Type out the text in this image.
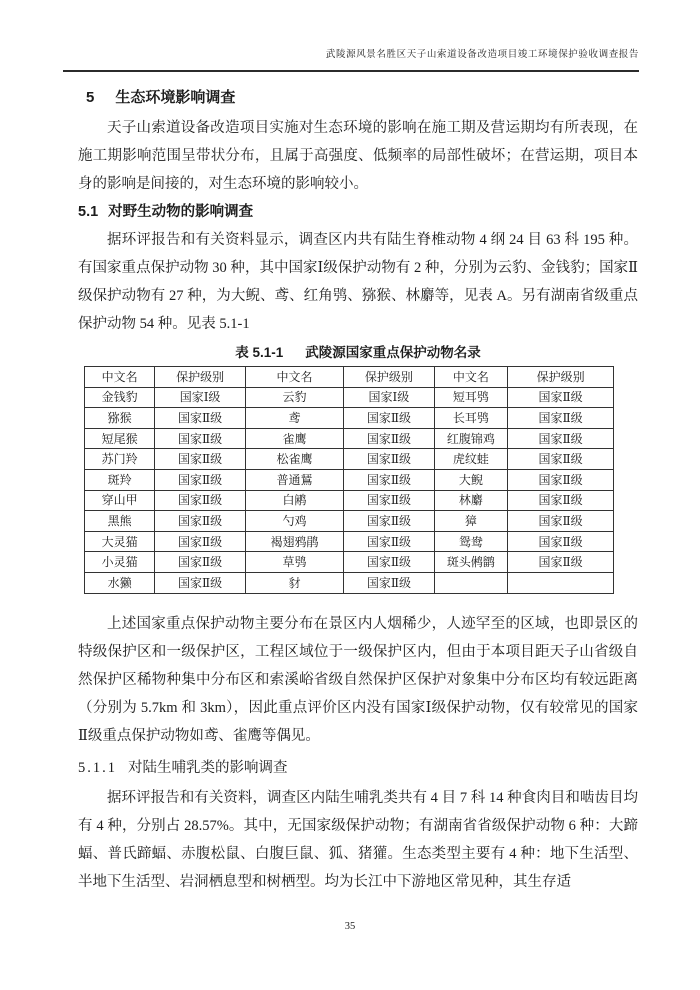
武陵源风景名胜区天子山索道设备改造项目竣工环境保护验收调查报告
5 生态环境影响调查

天子山索道设备改造项目实施对生态环境的影响在施工期及营运期均有所表现，在施工期影响范围呈带状分布，且属于高强度、低频率的局部性破坏；在营运期，项目本身的影响是间接的，对生态环境的影响较小。

5.1 对野生动物的影响调查

据环评报告和有关资料显示，调查区内共有陆生脊椎动物 4 纲 24 目 63 科 195 种。有国家重点保护动物 30 种，其中国家Ⅰ级保护动物有 2 种，分别为云豹、金钱豹；国家Ⅱ级保护动物有 27 种，为大鲵、鸢、红角鸮、猕猴、林麝等，见表 A。另有湖南省级重点保护动物 54 种。见表 5.1-1

表 5.1-1 武陵源国家重点保护动物名录
中文名	保护级别	中文名	保护级别	中文名	保护级别
金钱豹	国家Ⅰ级	云豹	国家Ⅰ级	短耳鸮	国家Ⅱ级
猕猴	国家Ⅱ级	鸢	国家Ⅱ级	长耳鸮	国家Ⅱ级
短尾猴	国家Ⅱ级	雀鹰	国家Ⅱ级	红腹锦鸡	国家Ⅱ级
苏门羚	国家Ⅱ级	松雀鹰	国家Ⅱ级	虎纹蛙	国家Ⅱ级
斑羚	国家Ⅱ级	普通鵟	国家Ⅱ级	大鲵	国家Ⅱ级
穿山甲	国家Ⅱ级	白鹇	国家Ⅱ级	林麝	国家Ⅱ级
黑熊	国家Ⅱ级	勺鸡	国家Ⅱ级	獐	国家Ⅱ级
大灵猫	国家Ⅱ级	褐翅鸦鹃	国家Ⅱ级	鸳鸯	国家Ⅱ级
小灵猫	国家Ⅱ级	草鸮	国家Ⅱ级	斑头鸺鹠	国家Ⅱ级
水獭	国家Ⅱ级	豺	国家Ⅱ级		

上述国家重点保护动物主要分布在景区内人烟稀少，人迹罕至的区域，也即景区的特级保护区和一级保护区，工程区域位于一级保护区内，但由于本项目距天子山省级自然保护区稀物种集中分布区和索溪峪省级自然保护区保护对象集中分布区均有较远距离（分别为 5.7km 和 3km），因此重点评价区内没有国家Ⅰ级保护动物，仅有较常见的国家Ⅱ级重点保护动物如鸢、雀鹰等偶见。

5.1.1 对陆生哺乳类的影响调查

据环评报告和有关资料，调查区内陆生哺乳类共有 4 目 7 科 14 种食肉目和啮齿目均有 4 种，分别占 28.57%。其中，无国家级保护动物；有湖南省省级保护动物 6 种：大蹄蝠、普氏蹄蝠、赤腹松鼠、白腹巨鼠、狐、猪獾。生态类型主要有 4 种：地下生活型、半地下生活型、岩洞栖息型和树栖型。均为长江中下游地区常见种，其生存适

35
